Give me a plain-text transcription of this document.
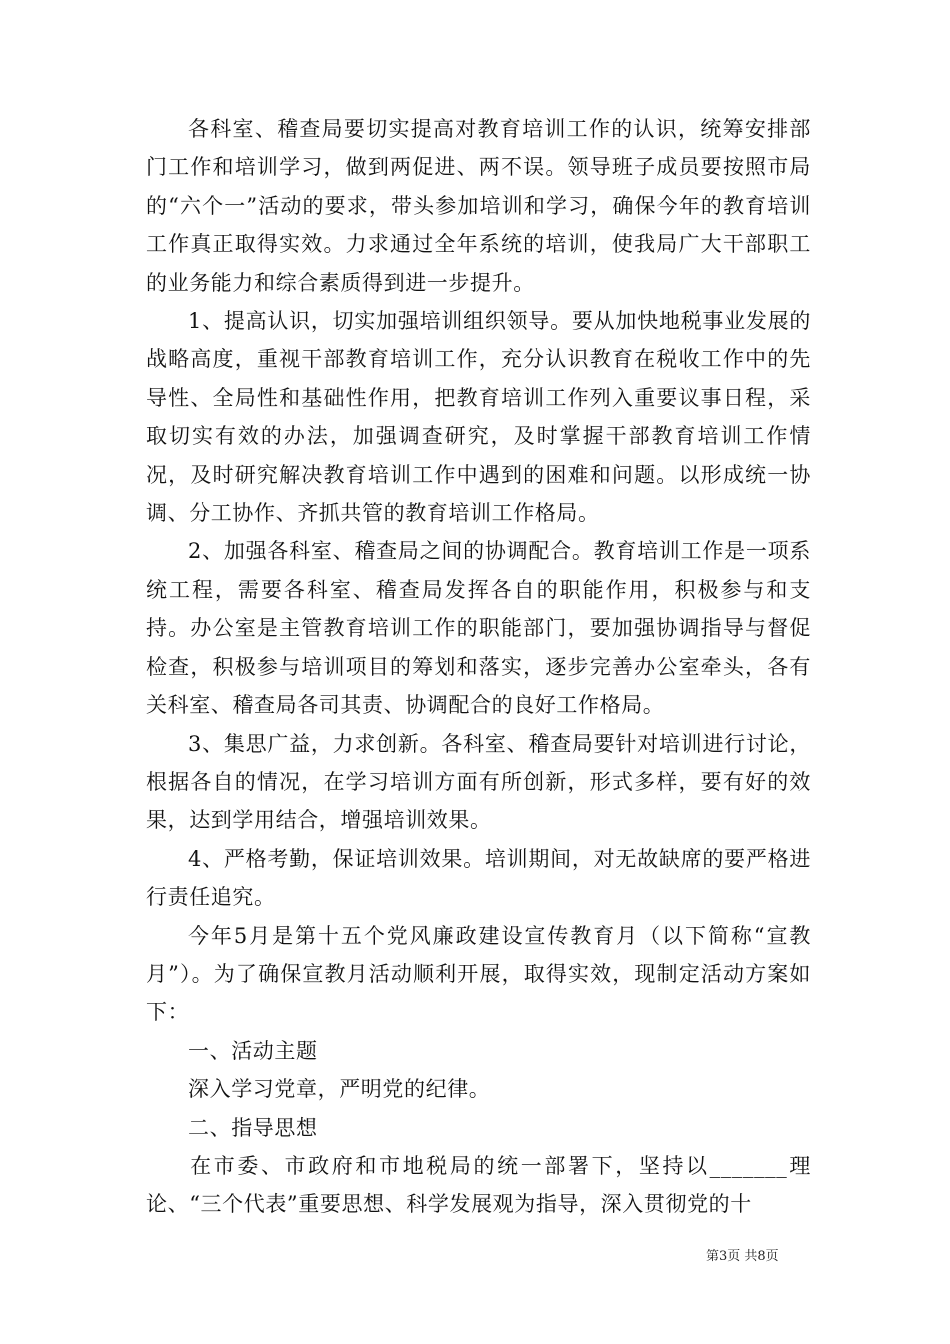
各科室、稽查局要切实提高对教育培训工作的认识，统筹安排部门工作和培训学习，做到两促进、两不误。领导班子成员要按照市局的“六个一”活动的要求，带头参加培训和学习，确保今年的教育培训工作真正取得实效。力求通过全年系统的培训，使我局广大干部职工的业务能力和综合素质得到进一步提升。

1、提高认识，切实加强培训组织领导。要从加快地税事业发展的战略高度，重视干部教育培训工作，充分认识教育在税收工作中的先导性、全局性和基础性作用，把教育培训工作列入重要议事日程，采取切实有效的办法，加强调查研究，及时掌握干部教育培训工作情况，及时研究解决教育培训工作中遇到的困难和问题。以形成统一协调、分工协作、齐抓共管的教育培训工作格局。

2、加强各科室、稽查局之间的协调配合。教育培训工作是一项系统工程，需要各科室、稽查局发挥各自的职能作用，积极参与和支持。办公室是主管教育培训工作的职能部门，要加强协调指导与督促检查，积极参与培训项目的筹划和落实，逐步完善办公室牵头，各有关科室、稽查局各司其责、协调配合的良好工作格局。

3、集思广益，力求创新。各科室、稽查局要针对培训进行讨论，根据各自的情况，在学习培训方面有所创新，形式多样，要有好的效果，达到学用结合，增强培训效果。

4、严格考勤，保证培训效果。培训期间，对无故缺席的要严格进行责任追究。

今年5月是第十五个党风廉政建设宣传教育月（以下简称“宣教月”）。为了确保宣教月活动顺利开展，取得实效，现制定活动方案如下：

一、活动主题

深入学习党章，严明党的纪律。

二、指导思想

在市委、市政府和市地税局的统一部署下，坚持以_______理论、“三个代表”重要思想、科学发展观为指导，深入贯彻党的十

第3页 共8页
